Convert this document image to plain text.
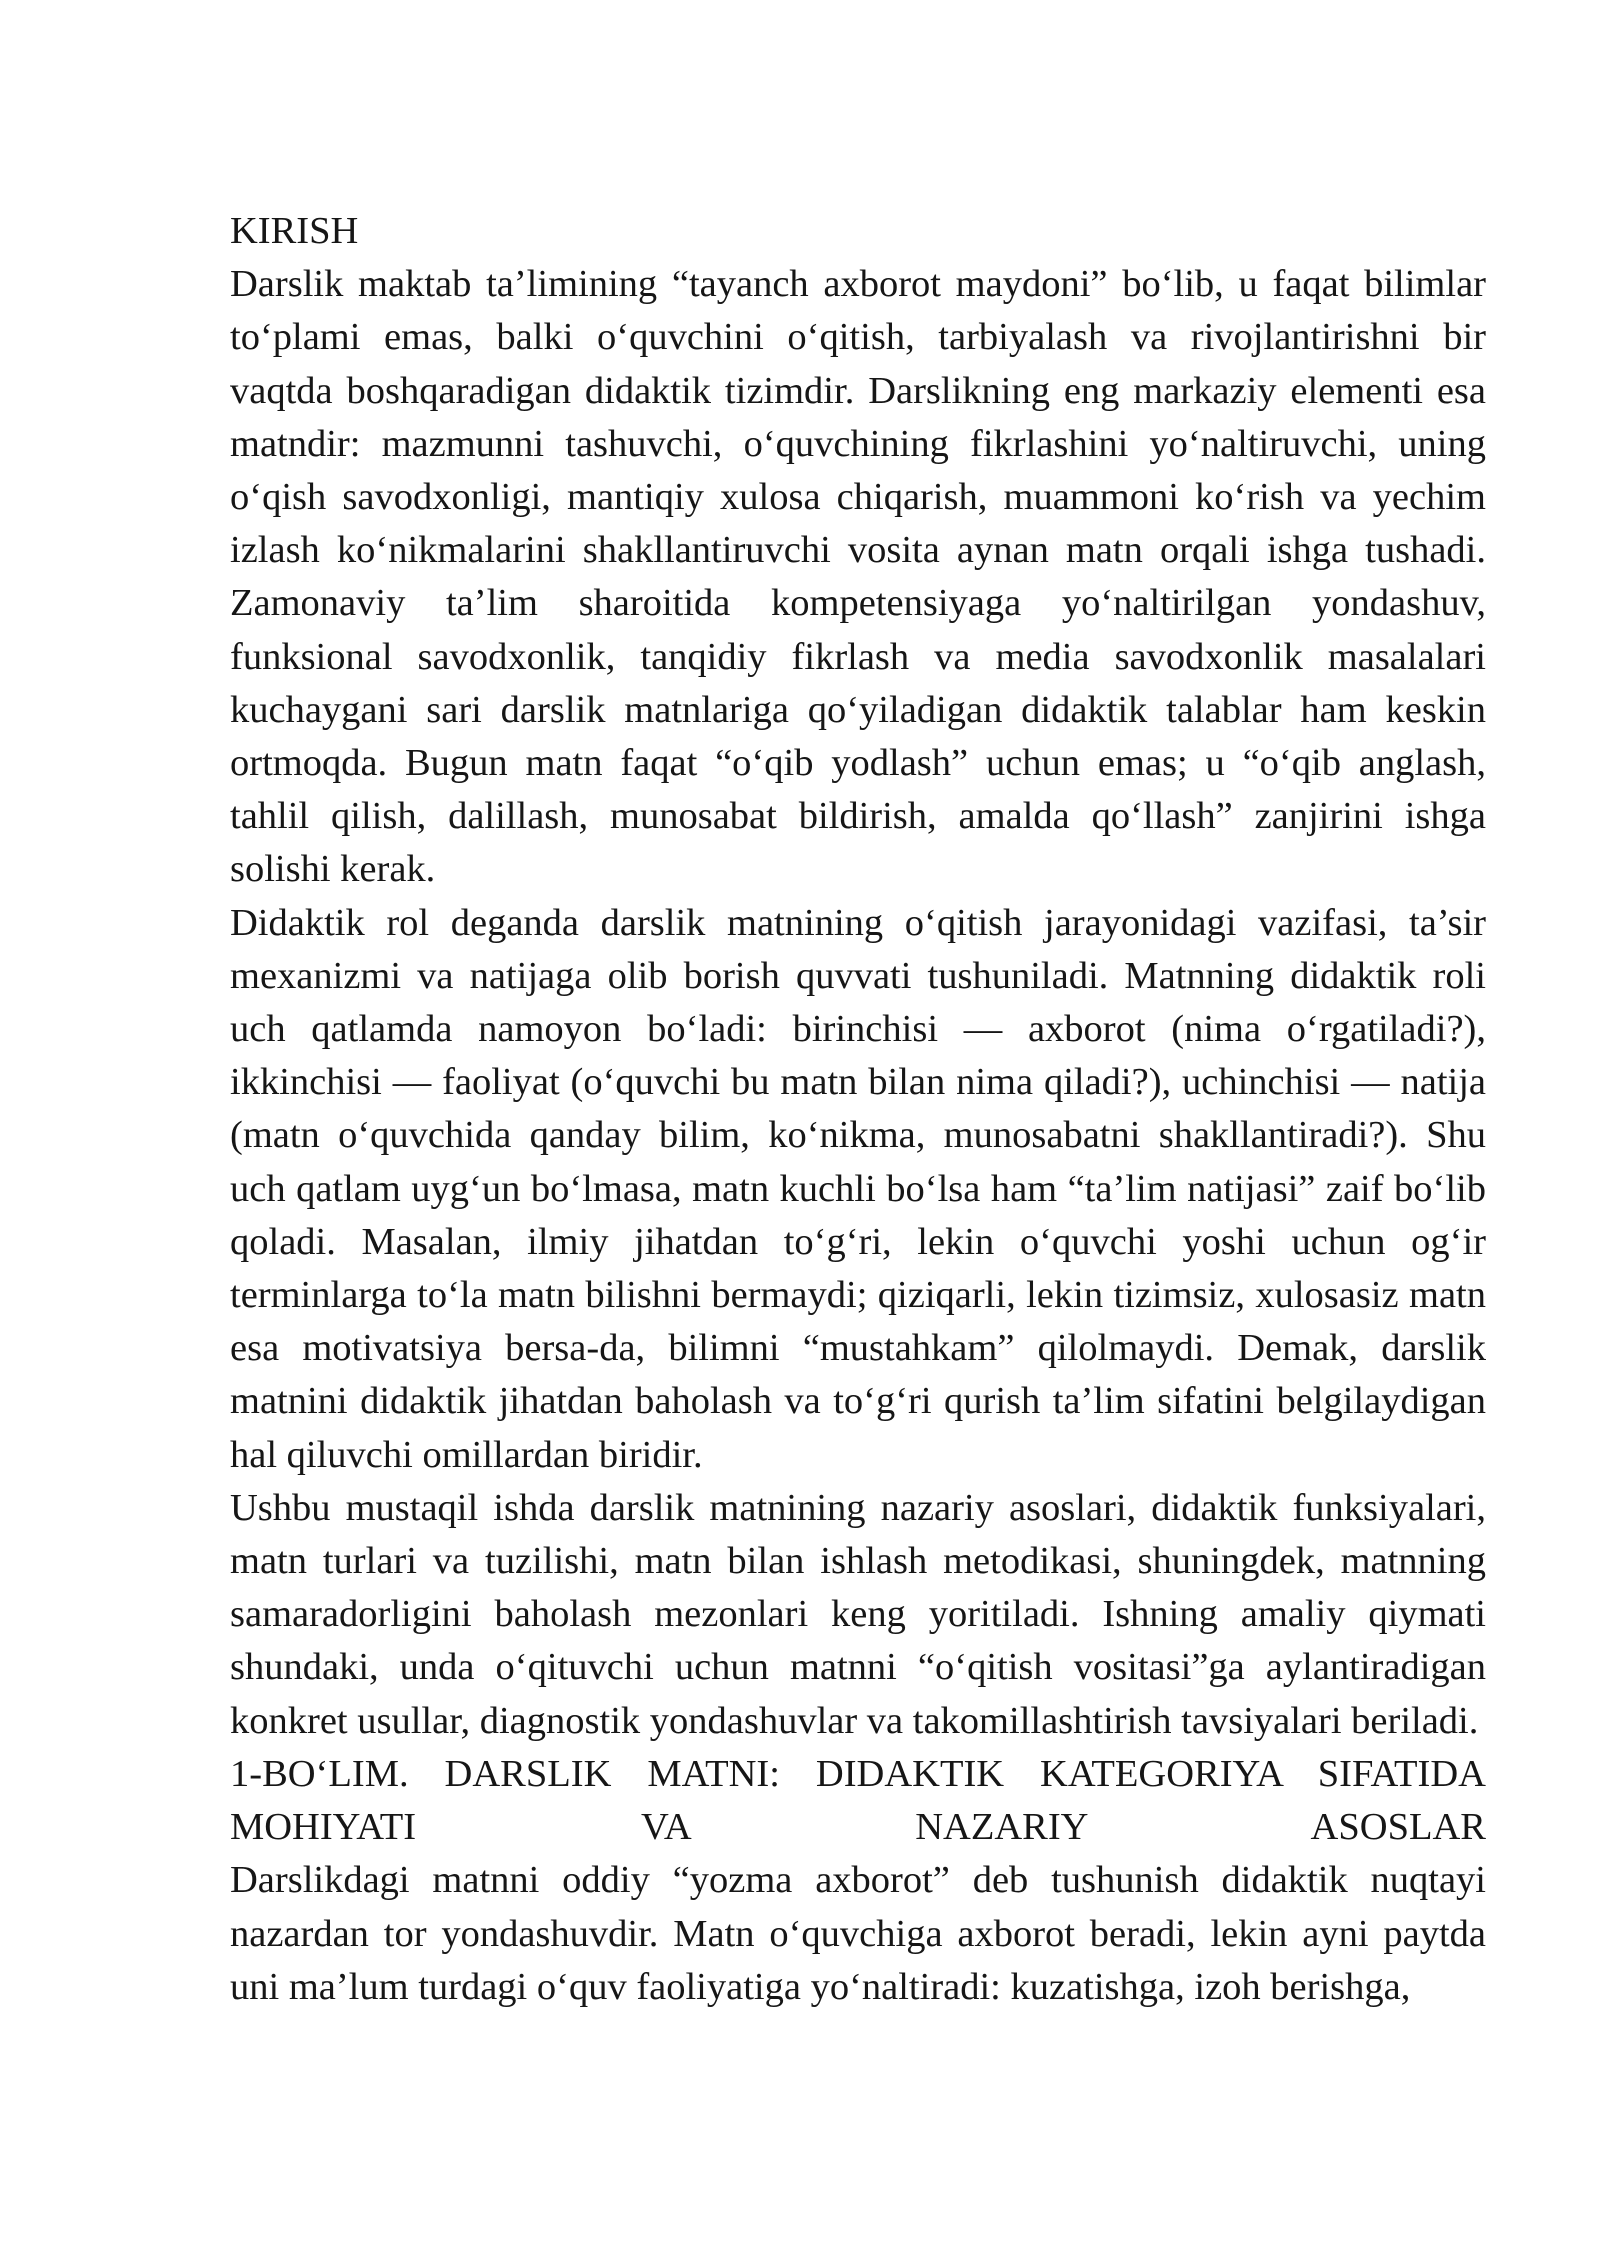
KIRISH

Darslik maktab ta’limining “tayanch axborot maydoni” bo‘lib, u faqat bilimlar to‘plami emas, balki o‘quvchini o‘qitish, tarbiyalash va rivojlantirishni bir vaqtda boshqaradigan didaktik tizimdir. Darslikning eng markaziy elementi esa matndir: mazmunni tashuvchi, o‘quvchining fikrlashini yo‘naltiruvchi, uning o‘qish savodxonligi, mantiqiy xulosa chiqarish, muammoni ko‘rish va yechim izlash ko‘nikmalarini shakllantiruvchi vosita aynan matn orqali ishga tushadi. Zamonaviy ta’lim sharoitida kompetensiyaga yo‘naltirilgan yondashuv, funksional savodxonlik, tanqidiy fikrlash va media savodxonlik masalalari kuchaygani sari darslik matnlariga qo‘yiladigan didaktik talablar ham keskin ortmoqda. Bugun matn faqat “o‘qib yodlash” uchun emas; u “o‘qib anglash, tahlil qilish, dalillash, munosabat bildirish, amalda qo‘llash” zanjirini ishga solishi kerak.

Didaktik rol deganda darslik matnining o‘qitish jarayonidagi vazifasi, ta’sir mexanizmi va natijaga olib borish quvvati tushuniladi. Matnning didaktik roli uch qatlamda namoyon bo‘ladi: birinchisi — axborot (nima o‘rgatiladi?), ikkinchisi — faoliyat (o‘quvchi bu matn bilan nima qiladi?), uchinchisi — natija (matn o‘quvchida qanday bilim, ko‘nikma, munosabatni shakllantiradi?). Shu uch qatlam uyg‘un bo‘lmasa, matn kuchli bo‘lsa ham “ta’lim natijasi” zaif bo‘lib qoladi. Masalan, ilmiy jihatdan to‘g‘ri, lekin o‘quvchi yoshi uchun og‘ir terminlarga to‘la matn bilishni bermaydi; qiziqarli, lekin tizimsiz, xulosasiz matn esa motivatsiya bersa-da, bilimni “mustahkam” qilolmaydi. Demak, darslik matnini didaktik jihatdan baholash va to‘g‘ri qurish ta’lim sifatini belgilaydigan hal qiluvchi omillardan biridir.

Ushbu mustaqil ishda darslik matnining nazariy asoslari, didaktik funksiyalari, matn turlari va tuzilishi, matn bilan ishlash metodikasi, shuningdek, matnning samaradorligini baholash mezonlari keng yoritiladi. Ishning amaliy qiymati shundaki, unda o‘qituvchi uchun matnni “o‘qitish vositasi”ga aylantiradigan konkret usullar, diagnostik yondashuvlar va takomillashtirish tavsiyalari beriladi.

1-BO‘LIM. DARSLIK MATNI: DIDAKTIK KATEGORIYA SIFATIDA MOHIYATI VA NAZARIY ASOSLAR

Darslikdagi matnni oddiy “yozma axborot” deb tushunish didaktik nuqtayi nazardan tor yondashuvdir. Matn o‘quvchiga axborot beradi, lekin ayni paytda uni ma’lum turdagi o‘quv faoliyatiga yo‘naltiradi: kuzatishga, izoh berishga,
